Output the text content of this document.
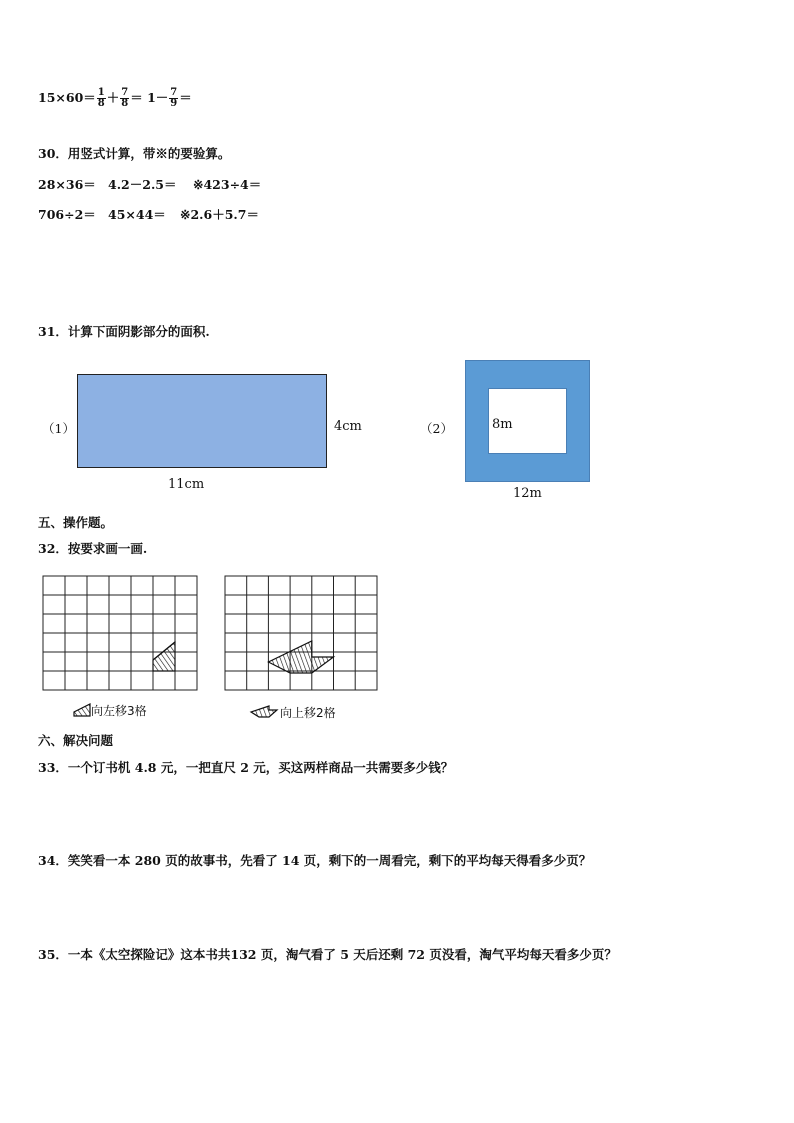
$15\times 60= \frac{1}{8} + \frac{7}{8} = 1- \frac{7}{9}$ ＝
30．用竖式计算，带※的要验算。
28×36＝ 4.2－2.5＝ ※423÷4＝
706÷2＝ 45×44＝ ※2.6＋5.7＝
31．计算下面阴影部分的面积.
（1）	4cm
11cm
（2）	8m
12m
五、操作题。
32．按要求画一画.
向左移3格	向上移2格
六、解决问题
33．一个订书机 4.8 元，一把直尺 2 元，买这两样商品一共需要多少钱？
34．笑笑看一本 280 页的故事书，先看了 14 页，剩下的一周看完，剩下的平均每天得看多少页？
35．一本《太空探险记》这本书共132 页，淘气看了 5 天后还剩 72 页没看，淘气平均每天看多少页？
